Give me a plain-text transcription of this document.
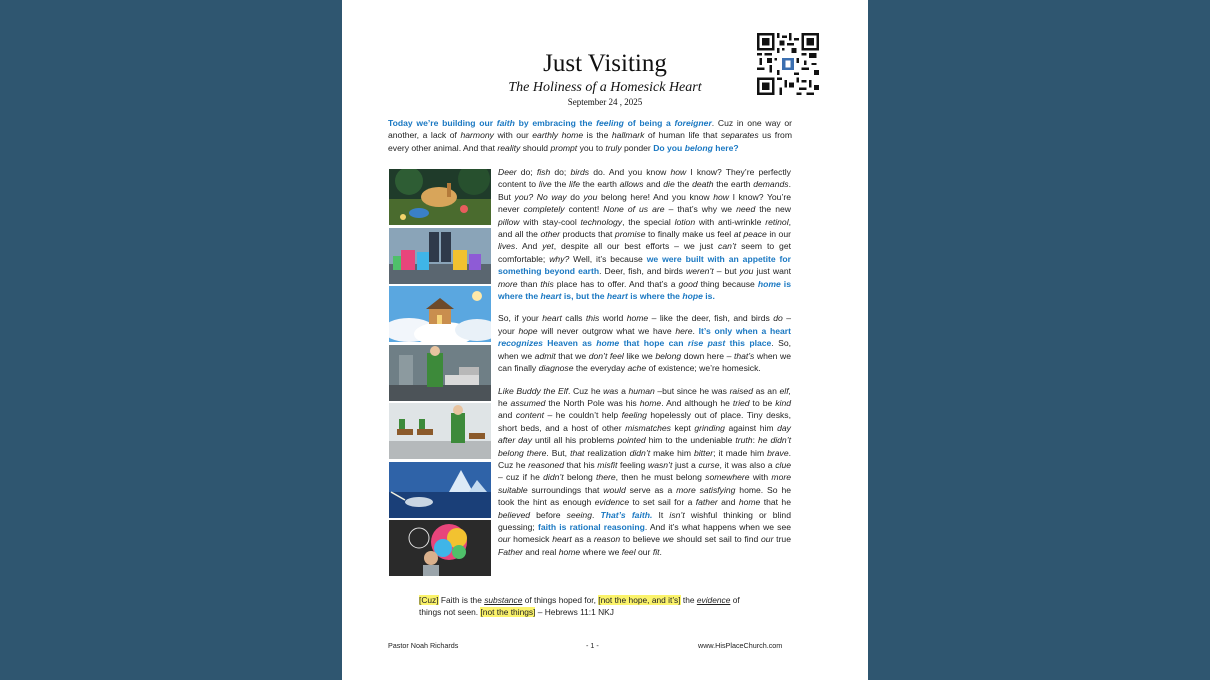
Just Visiting
The Holiness of a Homesick Heart
September 24 , 2025
Today we’re building our faith by embracing the feeling of being a foreigner. Cuz in one way or another, a lack of harmony with our earthly home is the hallmark of human life that separates us from every other animal. And that reality should prompt you to truly ponder Do you belong here?

Deer do; fish do; birds do. And you know how I know? They’re perfectly content to live the life the earth allows and die the death the earth demands. But you? No way do you belong here! And you know how I know? You’re never completely content! None of us are – that’s why we need the new pillow with stay-cool technology, the special lotion with anti-wrinkle retinol, and all the other products that promise to finally make us feel at peace in our lives. And yet, despite all our best efforts – we just can’t seem to get comfortable; why? Well, it’s because we were built with an appetite for something beyond earth. Deer, fish, and birds weren’t – but you just want more than this place has to offer. And that’s a good thing because home is where the heart is, but the heart is where the hope is.

So, if your heart calls this world home – like the deer, fish, and birds do – your hope will never outgrow what we have here. It’s only when a heart recognizes Heaven as home that hope can rise past this place. So, when we admit that we don’t feel like we belong down here – that’s when we can finally diagnose the everyday ache of existence; we’re homesick.

Like Buddy the Elf. Cuz he was a human –but since he was raised as an elf, he assumed the North Pole was his home. And although he tried to be kind and content – he couldn’t help feeling hopelessly out of place. Tiny desks, short beds, and a host of other mismatches kept grinding against him day after day until all his problems pointed him to the undeniable truth: he didn’t belong there. But, that realization didn’t make him bitter; it made him brave. Cuz he reasoned that his misfit feeling wasn’t just a curse, it was also a clue – cuz if he didn’t belong there, then he must belong somewhere with more suitable surroundings that would serve as a more satisfying home. So he took the hint as enough evidence to set sail for a father and home that he believed before seeing. That’s faith. It isn’t wishful thinking or blind guessing; faith is rational reasoning. And it’s what happens when we see our homesick heart as a reason to believe we should set sail to find our true Father and real home where we feel our fit.

[Cuz] Faith is the substance of things hoped for, [not the hope, and it’s] the evidence of things not seen. [not the things] – Hebrews 11:1 NKJ
Pastor Noah Richards	- 1 -	www.HisPlaceChurch.com
